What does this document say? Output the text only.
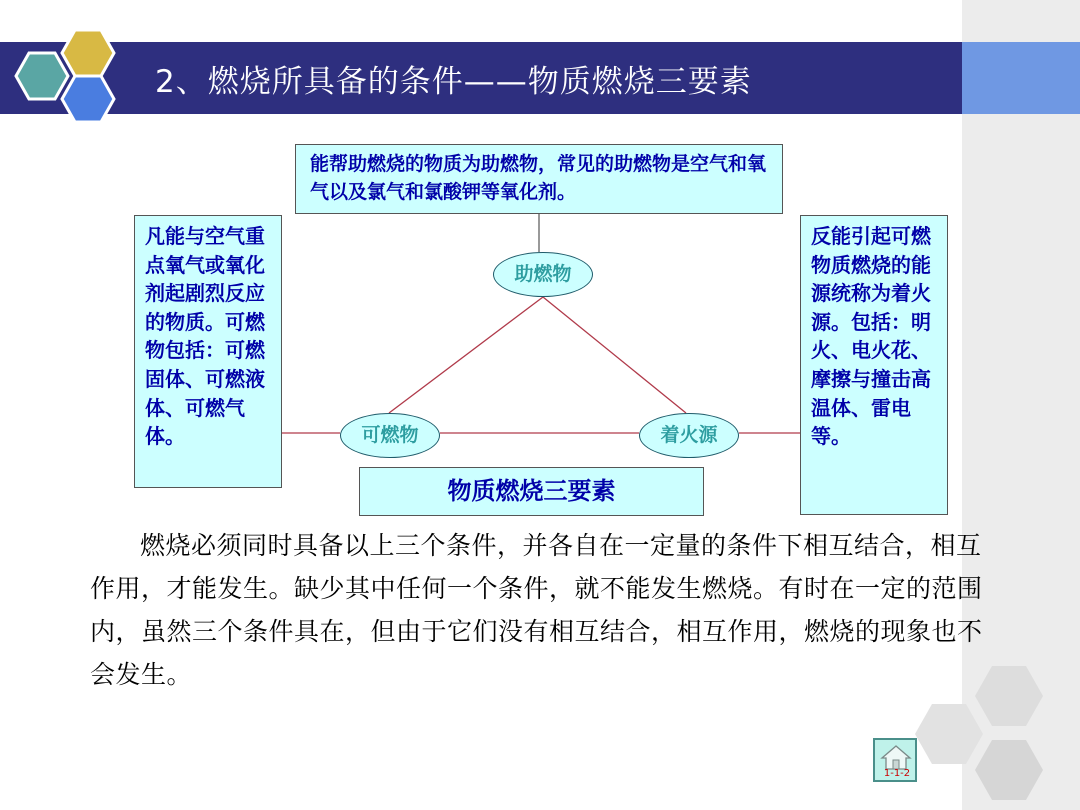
2、燃烧所具备的条件——物质燃烧三要素
能帮助燃烧的物质为助燃物，常见的助燃物是空气和氧气以及氯气和氯酸钾等氧化剂。
凡能与空气重点氧气或氧化剂起剧烈反应的物质。可燃物包括：可燃固体、可燃液体、可燃气体。
反能引起可燃物质燃烧的能源统称为着火源。包括：明火、电火花、摩擦与撞击高温体、雷电等。
助燃物
可燃物	着火源
物质燃烧三要素

燃烧必须同时具备以上三个条件，并各自在一定量的条件下相互结合，相互作用，才能发生。缺少其中任何一个条件，就不能发生燃烧。有时在一定的范围内，虽然三个条件具在，但由于它们没有相互结合，相互作用，燃烧的现象也不会发生。

1-1-2
